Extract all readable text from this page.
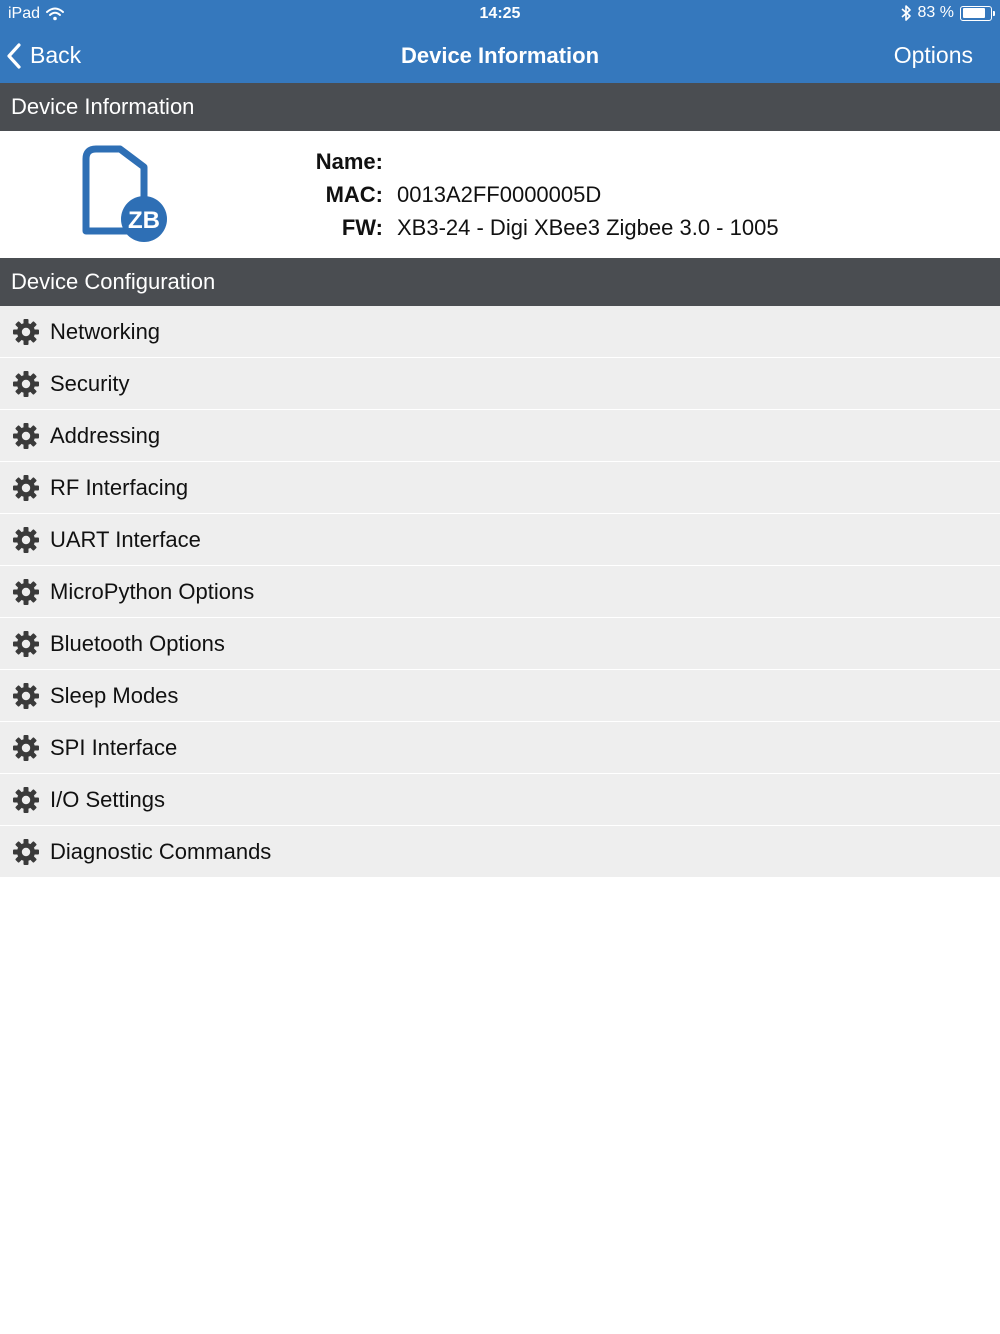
iPad	14:25	83 %
Back	Device Information	Options
Device Information
ZB
Name:
MAC: 0013A2FF0000005D
FW: XB3-24 - Digi XBee3 Zigbee 3.0 - 1005
Device Configuration
Networking
Security
Addressing
RF Interfacing
UART Interface
MicroPython Options
Bluetooth Options
Sleep Modes
SPI Interface
I/O Settings
Diagnostic Commands
